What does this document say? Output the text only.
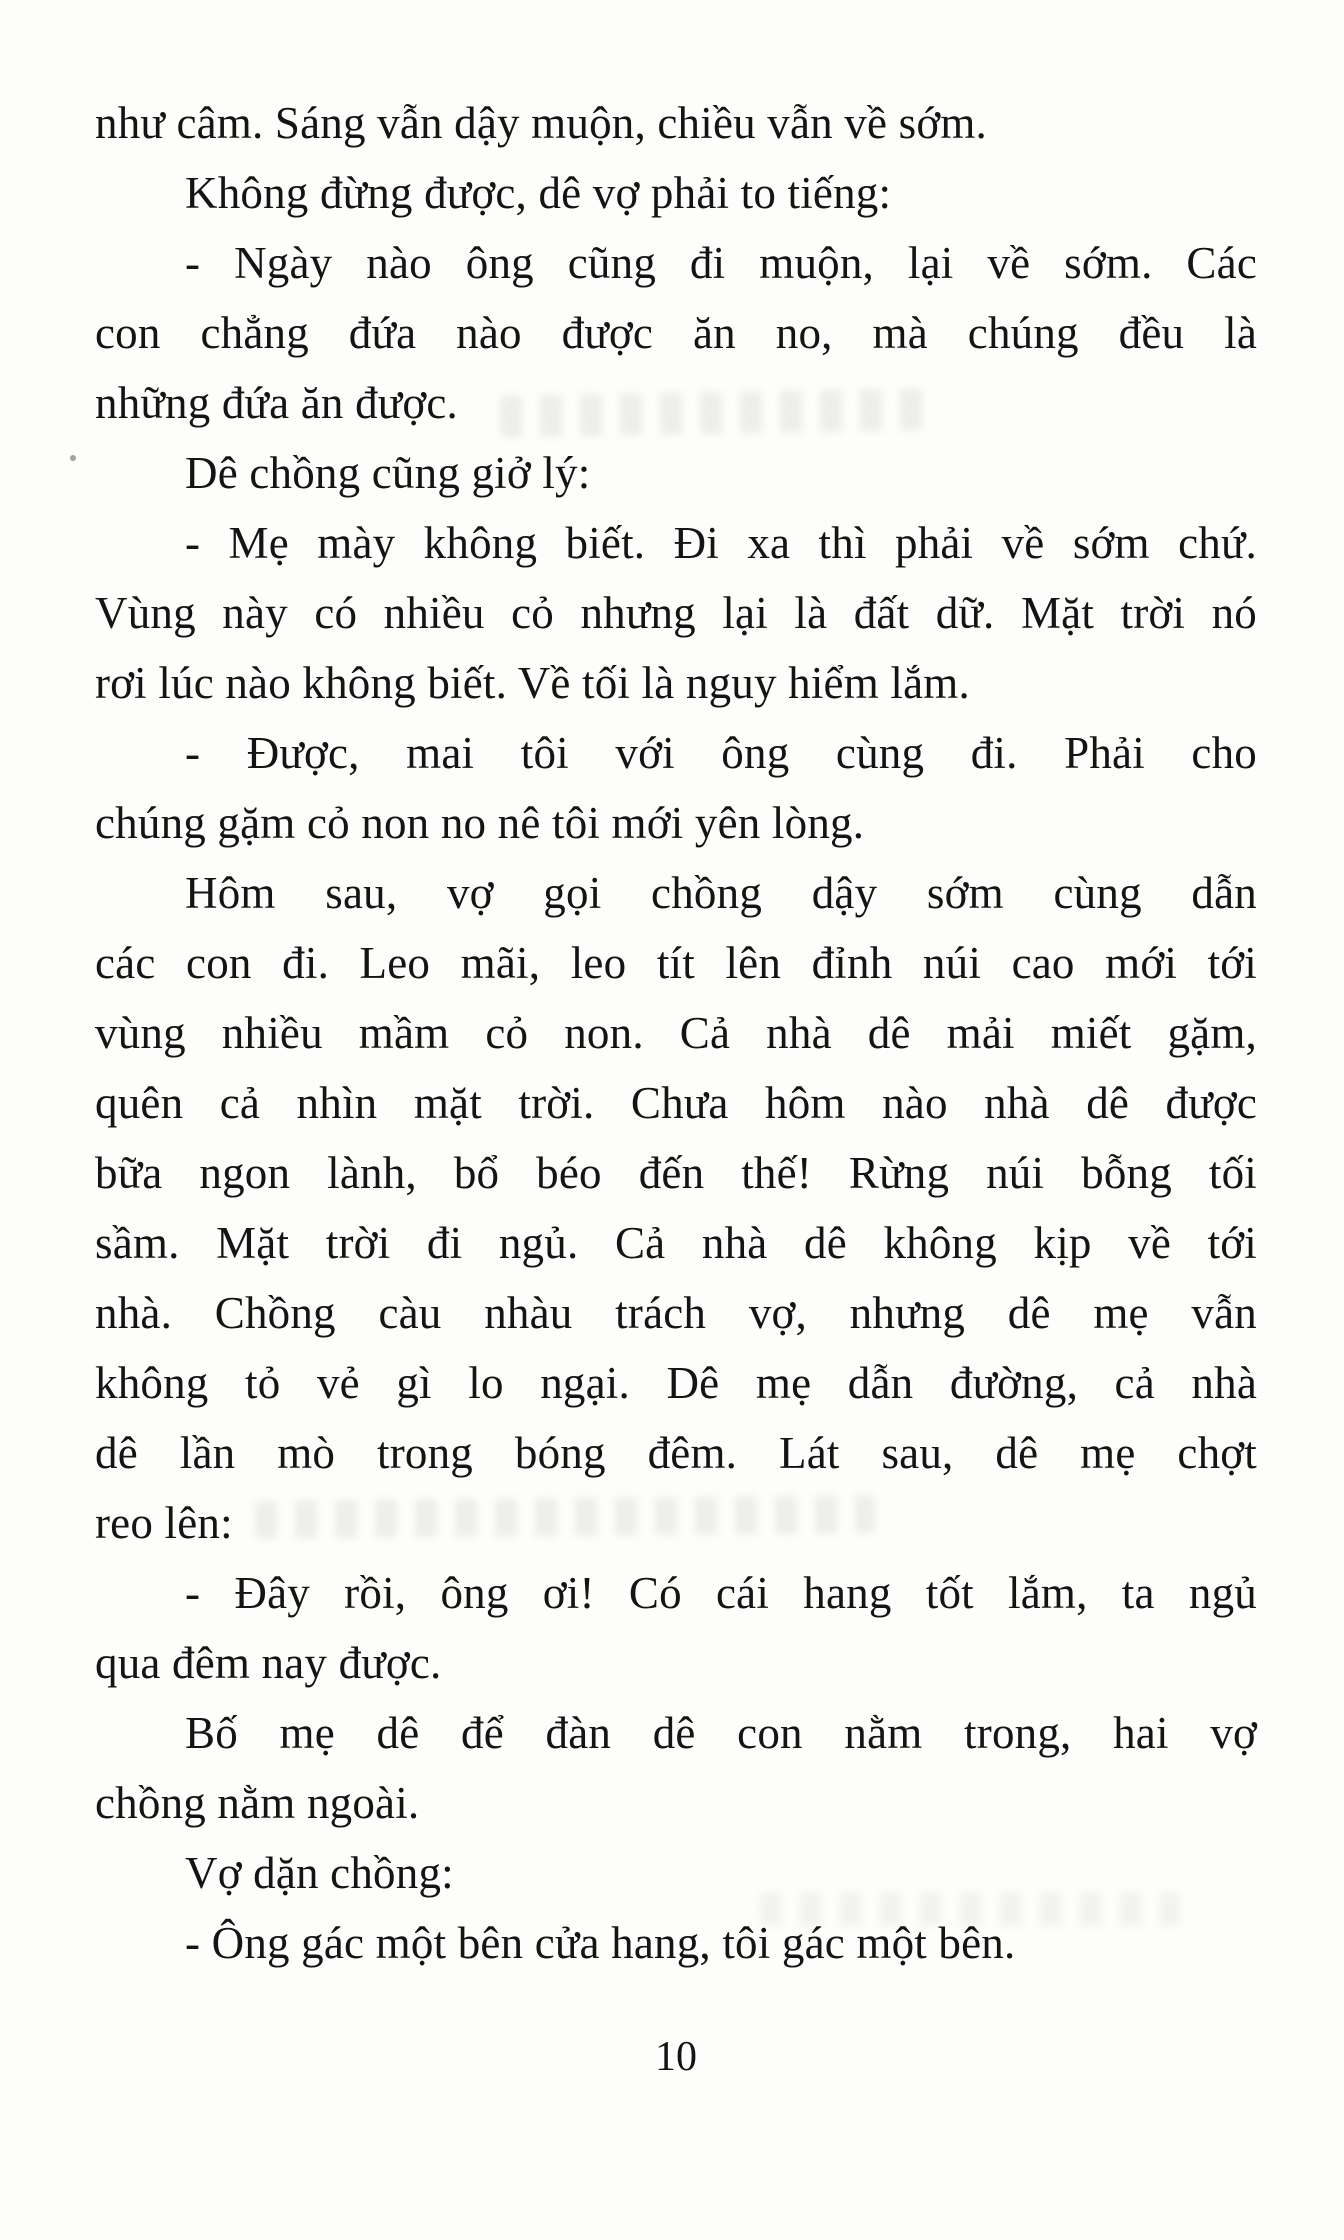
như câm. Sáng vẫn dậy muộn, chiều vẫn về sớm.
Không đừng được, dê vợ phải to tiếng:
- Ngày nào ông cũng đi muộn, lại về sớm. Các
con chẳng đứa nào được ăn no, mà chúng đều là
những đứa ăn được.
Dê chồng cũng giở lý:
- Mẹ mày không biết. Đi xa thì phải về sớm chứ.
Vùng này có nhiều cỏ nhưng lại là đất dữ. Mặt trời nó
rơi lúc nào không biết. Về tối là nguy hiểm lắm.
- Được, mai tôi với ông cùng đi. Phải cho
chúng gặm cỏ non no nê tôi mới yên lòng.
Hôm sau, vợ gọi chồng dậy sớm cùng dẫn
các con đi. Leo mãi, leo tít lên đỉnh núi cao mới tới
vùng nhiều mầm cỏ non. Cả nhà dê mải miết gặm,
quên cả nhìn mặt trời. Chưa hôm nào nhà dê được
bữa ngon lành, bổ béo đến thế! Rừng núi bỗng tối
sầm. Mặt trời đi ngủ. Cả nhà dê không kịp về tới
nhà. Chồng càu nhàu trách vợ, nhưng dê mẹ vẫn
không tỏ vẻ gì lo ngại. Dê mẹ dẫn đường, cả nhà
dê lần mò trong bóng đêm. Lát sau, dê mẹ chợt
reo lên:
- Đây rồi, ông ơi! Có cái hang tốt lắm, ta ngủ
qua đêm nay được.
Bố mẹ dê để đàn dê con nằm trong, hai vợ
chồng nằm ngoài.
Vợ dặn chồng:
- Ông gác một bên cửa hang, tôi gác một bên.
10
